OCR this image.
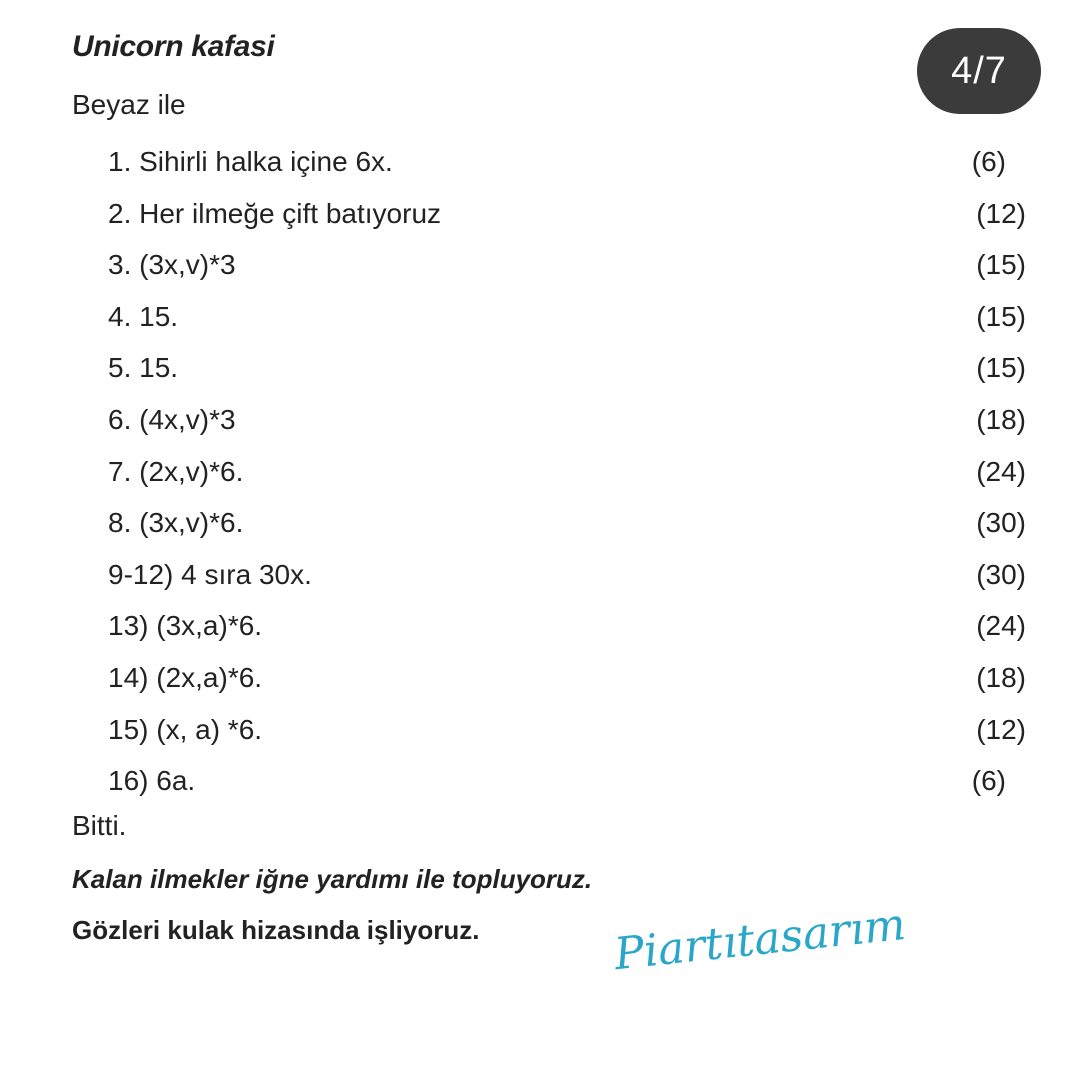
Unicorn kafasi
4/7
Beyaz ile
1. Sihirli halka içine 6x.	(6)
2. Her ilmeğe çift batıyoruz	(12)
3. (3x,v)*3	(15)
4. 15.	(15)
5. 15.	(15)
6. (4x,v)*3	(18)
7. (2x,v)*6.	(24)
8. (3x,v)*6.	(30)
9-12) 4 sıra 30x.	(30)
13) (3x,a)*6.	(24)
14) (2x,a)*6.	(18)
15) (x, a) *6.	(12)
16) 6a.	(6)
Bitti.
Kalan ilmekler iğne yardımı ile topluyoruz.
Gözleri kulak hizasında işliyoruz.	Piartıtasarım
